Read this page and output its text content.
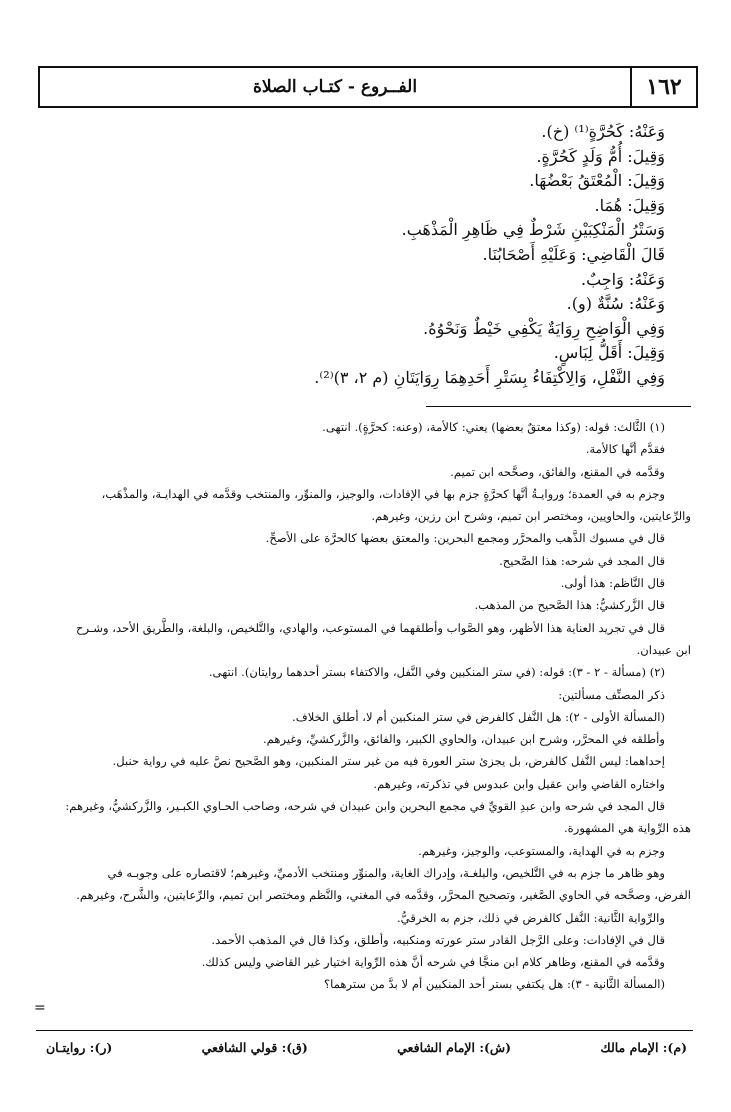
١٦٢
الفــروع - كتـاب الصلاة
وَعَنْهُ: كَحُرَّةٍ⁽¹⁾ (خ).
وَقِيلَ: أُمُّ وَلَدٍ كَحُرَّةٍ.
وَقِيلَ: الْمُعْتَقُ بَعْضُهَا.
وَقِيلَ: هُمَا.
وَسَتْرُ الْمَنْكِبَيْنِ شَرْطٌ فِي ظَاهِرِ الْمَذْهَبِ.
قَالَ الْقَاضِي: وَعَلَيْهِ أَصْحَابُنَا.
وَعَنْهُ: وَاجِبٌ.
وَعَنْهُ: سُنَّةٌ (و).
وَفِي الْوَاضِحِ رِوَايَةٌ يَكْفِي خَيْطٌ وَنَحْوُهُ.
وَقِيلَ: أَقَلُّ لِبَاسٍ.
وَفِي النَّفْلِ، وَالِاكْتِفَاءُ بِسَتْرِ أَحَدِهِمَا رِوَايَتَانِ (م ٢، ٣)⁽²⁾.
(١) الثَّالث: قوله: (وكذا معتقٌ بعضها) يعني: كالأمة، (وعنه: كحرَّةٍ). انتهى.
فقدَّم أنَّها كالأمة.
وقدَّمه في المقنع، والفائق، وصحَّحه ابن تميم.
وجزم به في العمدة؛ وروايـةُ أنَّها كحرَّةٍ جزم بها في الإفادات، والوجيز، والمنوِّر، والمنتخب وقدَّمه في الهدايـة، والمذْهَب،
والرِّعايتين، والحاويين، ومختصر ابن تميم، وشرح ابن رزين، وغيرهم.
قال في مسبوك الذَّهب والمحرَّر ومجمع البحرين: والمعتق بعضها كالحرَّة على الأصحِّ.
قال المجد في شرحه: هذا الصَّحيح.
قال النَّاظم: هذا أولى.
قال الزَّركشيُّ: هذا الصَّحيح من المذهب.
قال في تجريد العناية هذا الأظهر، وهو الصَّواب وأطلقهما في المستوعب، والهادي، والتَّلخيص، والبلغة، والطَّريق الأحد، وشـرح
ابن عبيدان.
(٢) (مسألة - ٢ - ٣): قوله: (في ستر المنكبين وفي النَّفل، والاكتفاء بستر أحدهما روايتان). انتهى.
ذكر المصنِّف مسألتين:
(المسألة الأولى - ٢): هل النَّفل كالفرض في ستر المنكبين أم لا، أطلق الخلاف.
وأطلقه في المحرَّر، وشرح ابن عبيدان، والحاوي الكبير، والفائق، والزَّركشيِّ، وغيرهم.
إحداهما: ليس النَّفل كالفرض، بل يجزئ ستر العورة فيه من غير ستر المنكبين، وهو الصَّحيح نصَّ عليه في رواية حنبل.
واختاره القاضي وابن عقيل وابن عبدوس في تذكرته، وغيرهم.
قال المجد في شرحه وابن عبدِ القويِّ في مجمع البحرين وابن عبيدان في شرحه، وصاحب الحـاوي الكبـير، والزَّركشيُّ، وغيرهم:
هذه الرِّواية هي المشهورة.
وجزم به في الهداية، والمستوعب، والوجيز، وغيرهم.
وهو ظاهر ما جزم به في التَّلخيص، والبلغـة، وإدراك الغاية، والمنوِّر ومنتخب الأدميِّ، وغيرهم؛ لاقتصاره على وجوبـه في
الفرض، وصحَّحه في الحاوي الصَّغير، وتصحيح المحرَّر، وقدَّمه في المغني، والنَّظم ومختصر ابن تميم، والرِّعايتين، والشَّرح، وغيرهم.
والرِّواية الثَّانية: النَّفل كالفرض في ذلك، جزم به الخرقيُّ.
قال في الإفادات: وعلى الرَّجل القادر ستر عورته ومنكبيه، وأطلق، وكذا قال في المذهب الأحمد.
وقدَّمه في المقنع، وظاهر كلام ابن منجَّا في شرحه أنَّ هذه الرِّواية اختيار غير القاضي وليس كذلك.
(المسألة الثَّانية - ٣): هل يكتفي بستر أحد المنكبين أم لا بدَّ من سترهما؟
=
(م): الإمام مالك
(ش): الإمام الشافعي
(ق): قولي الشافعي
(ر): روايتـان
